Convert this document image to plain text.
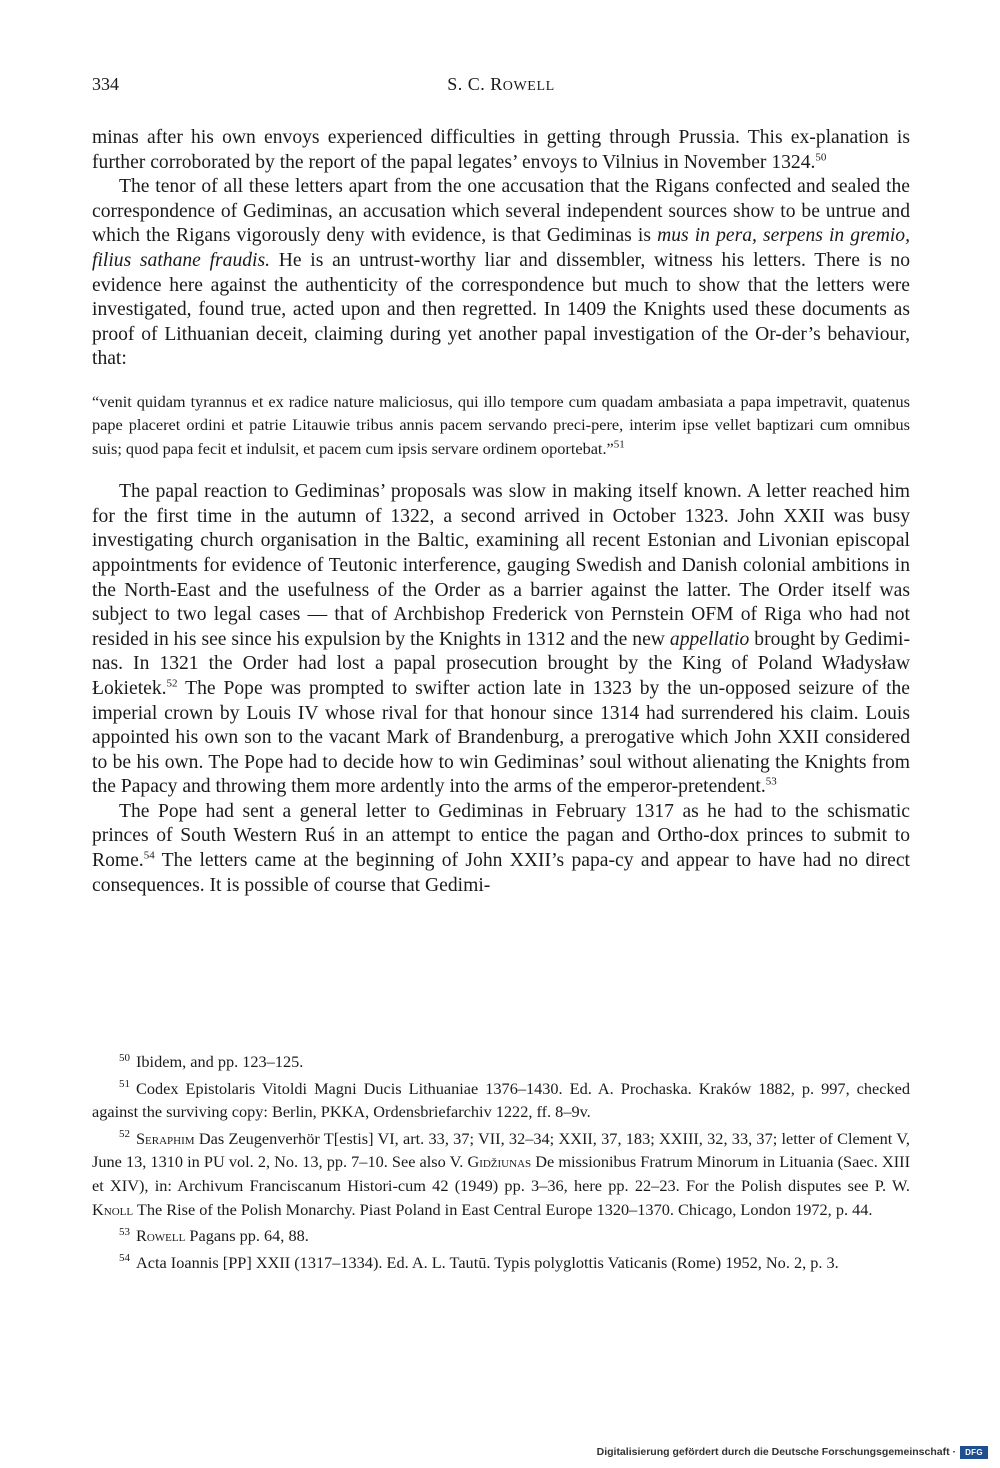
334	S. C. ROWELL

minas after his own envoys experienced difficulties in getting through Prussia. This ex-planation is further corroborated by the report of the papal legates’ envoys to Vilnius in November 1324.50

The tenor of all these letters apart from the one accusation that the Rigans confected and sealed the correspondence of Gediminas, an accusation which several independent sources show to be untrue and which the Rigans vigorously deny with evidence, is that Gediminas is mus in pera, serpens in gremio, filius sathane fraudis. He is an untrust-worthy liar and dissembler, witness his letters. There is no evidence here against the authenticity of the correspondence but much to show that the letters were investigated, found true, acted upon and then regretted. In 1409 the Knights used these documents as proof of Lithuanian deceit, claiming during yet another papal investigation of the Or-der’s behaviour, that:

“venit quidam tyrannus et ex radice nature maliciosus, qui illo tempore cum quadam ambasiata a papa impetravit, quatenus pape placeret ordini et patrie Litauwie tribus annis pacem servando preci-pere, interim ipse vellet baptizari cum omnibus suis; quod papa fecit et indulsit, et pacem cum ipsis servare ordinem oportebat.”$^{51}$

The papal reaction to Gediminas’ proposals was slow in making itself known. A letter reached him for the first time in the autumn of 1322, a second arrived in October 1323. John XXII was busy investigating church organisation in the Baltic, examining all recent Estonian and Livonian episcopal appointments for evidence of Teutonic interference, gauging Swedish and Danish colonial ambitions in the North-East and the usefulness of the Order as a barrier against the latter. The Order itself was subject to two legal cases — that of Archbishop Frederick von Pernstein OFM of Riga who had not resided in his see since his expulsion by the Knights in 1312 and the new appellatio brought by Gedimi-nas. In 1321 the Order had lost a papal prosecution brought by the King of Poland Władysław Łokietek.$^{52}$ The Pope was prompted to swifter action late in 1323 by the un-opposed seizure of the imperial crown by Louis IV whose rival for that honour since 1314 had surrendered his claim. Louis appointed his own son to the vacant Mark of Brandenburg, a prerogative which John XXII considered to be his own. The Pope had to decide how to win Gediminas’ soul without alienating the Knights from the Papacy and throwing them more ardently into the arms of the emperor-pretendent.$^{53}$

The Pope had sent a general letter to Gediminas in February 1317 as he had to the schismatic princes of South Western Ruś in an attempt to entice the pagan and Ortho-dox princes to submit to Rome.$^{54}$ The letters came at the beginning of John XXII’s papa-cy and appear to have had no direct consequences. It is possible of course that Gedimi-

$^{50}$ Ibidem, and pp. 123–125.

$^{51}$ Codex Epistolaris Vitoldi Magni Ducis Lithuaniae 1376–1430. Ed. A. Prochaska. Kraków 1882, p. 997, checked against the surviving copy: Berlin, PKKA, Ordensbriefarchiv 1222, ff. 8–9v.

$^{52}$ Seraphim Das Zeugenverhör T[estis] VI, art. 33, 37; VII, 32–34; XXII, 37, 183; XXIII, 32, 33, 37; letter of Clement V, June 13, 1310 in PU vol. 2, No. 13, pp. 7–10. See also V. Gidžiunas De missionibus Fratrum Minorum in Lituania (Saec. XIII et XIV), in: Archivum Franciscanum Histori-cum 42 (1949) pp. 3–36, here pp. 22–23. For the Polish disputes see P. W. Knoll The Rise of the Polish Monarchy. Piast Poland in East Central Europe 1320–1370. Chicago, London 1972, p. 44.

$^{53}$ Rowell Pagans pp. 64, 88.

$^{54}$ Acta Ioannis [PP] XXII (1317–1334). Ed. A. L. Tautū. Typis polyglottis Vaticanis (Rome) 1952, No. 2, p. 3.

Digitalisierung gefördert durch die Deutsche Forschungsgemeinschaft ·	DFG
